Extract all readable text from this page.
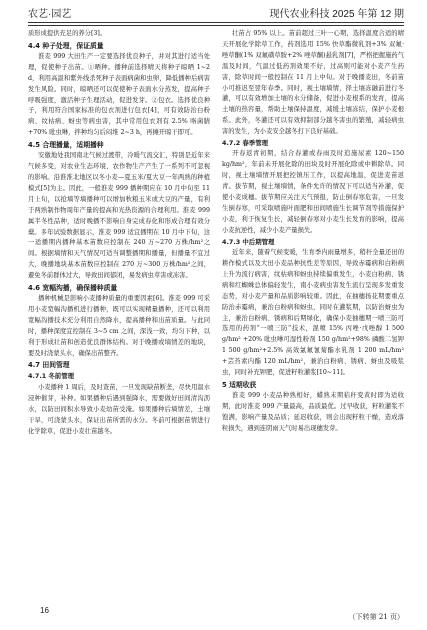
农艺·园艺	现代农业科技 2025 年第 12 期

质形成提供充足的养分[3]。

4.4 种子处理，保证质量

淮麦 999 大田生产一定要选择优良种子，并对其进行适当处理，促使种子出苗。①晒种。播种前选择晴天将种子晾晒 1~2 d，利用高温和紫外线杀死种子表面病菌和虫卵，降低播种后病害发生风险。同时，晾晒还可以促使种子表面水分蒸发，提高种子呼吸强度，激活种子生理活动，促进发芽。②包衣。选择优良种子，利用符合国家标准的包衣剂进行包衣[4]，可有效防治白粉病、纹枯病、蚜虫等病虫害，其中常用包衣剂有 2.5% 咯菌腈+70% 吡虫啉，拌种均匀后闷堆 2~3 h，再摊开晾干即可。

4.5 合理播量，适期播种

安徽地处我国南北气候过渡带，冷暖气流交汇，特别是近年来气候多变，对农业生态环境、农作物生产产生了一系列不可忽视的影响。沿淮淮北地区以冬小麦—夏玉米/夏大豆一年两熟的种植模式[5]为主。因此，一般淮麦 999 播种期应在 10 月中旬至 11 月上旬，以抢墒等墒播种可以增加秋粮玉米或大豆的产量，有利于两熟制作物周年产量的提高和光热资源的合理利用。淮麦 999 属半冬性品种，适时晚播不影响自身完成春化和形成合理有效分蘖。多年试验数据显示，淮麦 999 适宜播期在 10 月中下旬，这一适播期内播种基本苗数应控制在 240 万~270 万株/hm²之间。根据墒情和天气情况可适当调整播期和播量，但播量不宜过大，晚播地块基本苗数应控制在 270 万~300 万株/hm²之间，避免冬前群体过大，导致田间郁闭，易发病虫草害或冻害。

4.6 宽幅沟播，确保播种质量

播种机械是影响小麦播种质量的重要因素[6]。淮麦 999 可采用小麦宽幅沟播机进行播种，既可以实现精量播种，还可以利用宽幅沟播技术充分利用自然降水，提高播种和出苗质量。与此同时，播种深度宜控制在 3~5 cm 之间，深浅一致，均匀下种，以利于形成壮苗和创造优良群体结构。对于晚播或墒情差的地块，要及时浇蒙头水，确保出苗整齐。

4.7 田间管理

4.7.1 冬前管理

小麦播种 1 周后，及时查苗，一旦发现缺苗断垄，尽快用温水浸种催芽，补种。如果播种后遇到强降水，需要做好田间清沟沥水，以防田间积水导致小麦幼苗受淹。如果播种后墒情差，土壤干旱，可浇蒙头水，保证出苗所需的水分。冬前可根据苗情进行化学除草，促进小麦壮苗越冬。

壮苗占 95% 以上。苗前超过三叶一心期，选择温度合适的晴天开展化学除草工作，药剂选用 15% 快草酯微乳剂+3% 双氟·唑草酮(1% 双氟磺草胺+2% 唑草酮)悬乳剂[7]，严格把握施药气温及时间，气温过低药剂效果不好，过高则可能对小麦产生药害，除草时间一般控制在 11 月上中旬。对于晚播麦田，冬前苗小可推迟至翌年春季。同时，视土壤墒情，择土壤冻融前进行冬灌，可以有效增加土壤的水分储备，促进小麦根系的发育，提高土壤的热容量，帮助土壤保持温度，减缓土壤冻结，保护小麦根系。此外，冬灌还可以有效抑制部分越冬害虫的繁殖，减轻病虫害的发生，为小麦安全越冬打下良好基础。

4.7.2 春季管理

开春返青初期，结合春灌或春雨及时追施尿素 120~150 kg/hm²，年前未开展化除的田块及时开展化除或中耕除草。同时，视土壤墒情开展把控镇压工作，以提高地温，促进麦苗返青。拔节期，视土壤墒情，条件允许的情况下可以适当补灌，促使小麦成穗。拔节期应关注天气预报，防止倒春寒危害，一旦发生倒春寒，可采取喷施叶面肥和田间喷施生长调节剂等措施保护小麦，利于恢复生长，减轻倒春寒对小麦生长发育的影响，提高小麦抗逆性，减少小麦产量损失。

4.7.3 中后期管理

近年来，随着气候变暖，生育季内雨量增多，稍秆全量还田的耕作模式以及大田小麦品种抗性差等原因，导致赤霉病和白粉病上升为流行病害，纹枯病和蚜虫持续偏重发生，小麦白粉病、锈病和红蜘蛛总体偏轻发生，南小麦病虫害发生流行呈现多发重发态势，对小麦产量和品质影响较重。因此，在抽穗扬花期要重点防治赤霉病，兼治白粉病和蚜虫，同时在灌浆期，以防治蚜虫为主，兼治白粉病、锈病和后期绿化，确保小麦抽穗期一喷三防可选用的药剂“一喷三防”技术，混喷 15% 丙唑·戊唑醇 1 500 g/hm² +20% 吡虫啉可湿性粉剂 150 g/hm²+98% 磷酸二氢钾 1 500 g/hm²+2.5% 高效氯氟氰菊酯水乳剂 1 200 mL/hm² +芸苔素内酯 120 mL/hm²，兼治白粉病、锈病、蚜虫及吸浆虫，同时补充钾肥，促进籽粒灌浆[10~11]。

5 适期收获

淮麦 999 小麦品种熟相好，蜡熟末期秸秆变黄时即为适收期，此时淮麦 999 产量最高，品质最优。过早收获，籽粒灌浆不饱满，影响产量及品质；延迟收获，则会出现籽粒干燥，造成落粒损失，遇到连阴雨天气时易出现穗发芽。

16
（下转第 21 页）
